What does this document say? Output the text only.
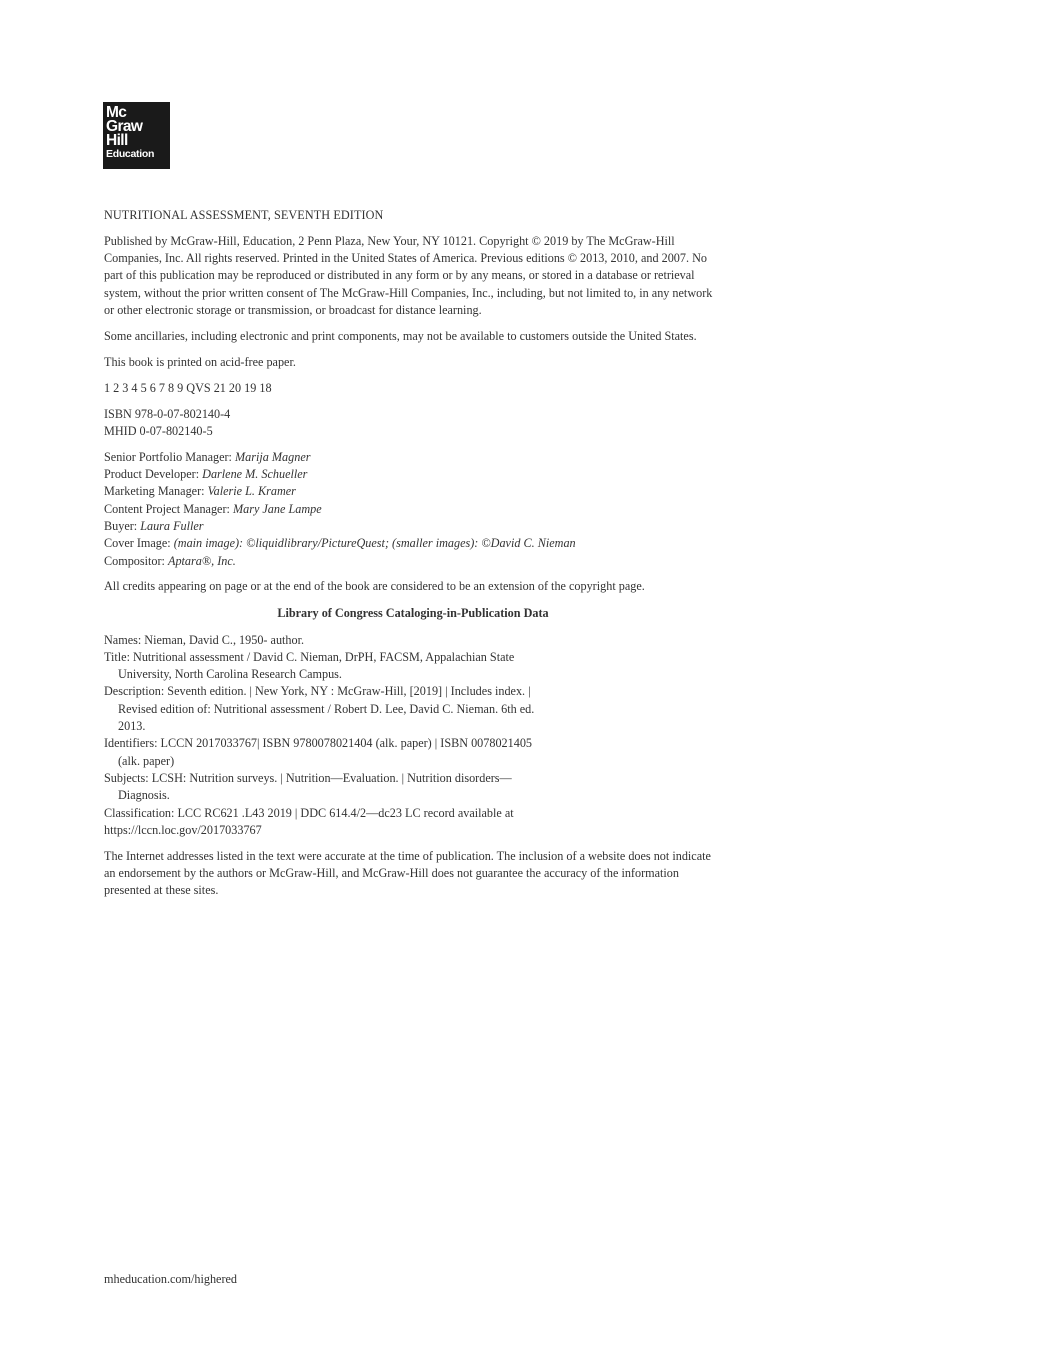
Mc
Graw
Hill
Education

NUTRITIONAL ASSESSMENT, SEVENTH EDITION

Published by McGraw-Hill, Education, 2 Penn Plaza, New Your, NY 10121. Copyright © 2019 by The McGraw-Hill Companies, Inc. All rights reserved. Printed in the United States of America. Previous editions © 2013, 2010, and 2007. No part of this publication may be reproduced or distributed in any form or by any means, or stored in a database or retrieval system, without the prior written consent of The McGraw-Hill Companies, Inc., including, but not limited to, in any network or other electronic storage or transmission, or broadcast for distance learning.

Some ancillaries, including electronic and print components, may not be available to customers outside the United States.

This book is printed on acid-free paper.

1 2 3 4 5 6 7 8 9 QVS 21 20 19 18

ISBN 978-0-07-802140-4
MHID 0-07-802140-5

Senior Portfolio Manager: Marija Magner
Product Developer: Darlene M. Schueller
Marketing Manager: Valerie L. Kramer
Content Project Manager: Mary Jane Lampe
Buyer: Laura Fuller
Cover Image: (main image): ©liquidlibrary/PictureQuest; (smaller images): ©David C. Nieman
Compositor: Aptara®, Inc.

All credits appearing on page or at the end of the book are considered to be an extension of the copyright page.

Library of Congress Cataloging-in-Publication Data
Names: Nieman, David C., 1950- author.
Title: Nutritional assessment / David C. Nieman, DrPH, FACSM, Appalachian State University, North Carolina Research Campus.
Description: Seventh edition. | New York, NY : McGraw-Hill, [2019] | Includes index. | Revised edition of: Nutritional assessment / Robert D. Lee, David C. Nieman. 6th ed. 2013.
Identifiers: LCCN 2017033767| ISBN 9780078021404 (alk. paper) | ISBN 0078021405 (alk. paper)
Subjects: LCSH: Nutrition surveys. | Nutrition—Evaluation. | Nutrition disorders—Diagnosis.
Classification: LCC RC621 .L43 2019 | DDC 614.4/2—dc23 LC record available at
https://lccn.loc.gov/2017033767

The Internet addresses listed in the text were accurate at the time of publication. The inclusion of a website does not indicate an endorsement by the authors or McGraw-Hill, and McGraw-Hill does not guarantee the accuracy of the information presented at these sites.

mheducation.com/highered
